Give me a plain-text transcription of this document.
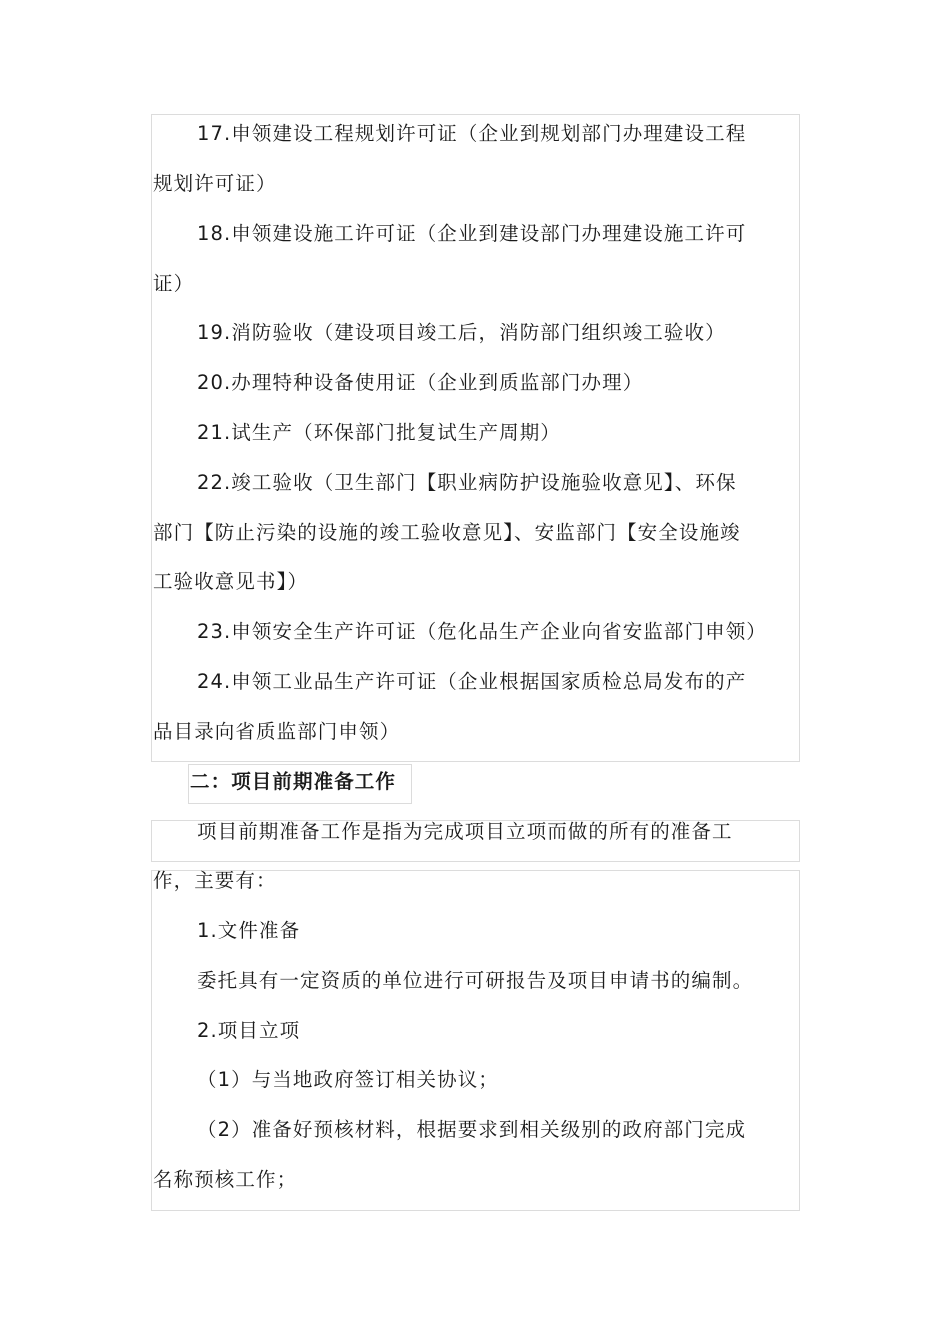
17.申领建设工程规划许可证（企业到规划部门办理建设工程

规划许可证）

18.申领建设施工许可证（企业到建设部门办理建设施工许可

证）

19.消防验收（建设项目竣工后，消防部门组织竣工验收）

20.办理特种设备使用证（企业到质监部门办理）

21.试生产（环保部门批复试生产周期）

22.竣工验收（卫生部门【职业病防护设施验收意见】、环保

部门【防止污染的设施的竣工验收意见】、安监部门【安全设施竣

工验收意见书】）

23.申领安全生产许可证（危化品生产企业向省安监部门申领）

24.申领工业品生产许可证（企业根据国家质检总局发布的产

品目录向省质监部门申领）

二：项目前期准备工作

项目前期准备工作是指为完成项目立项而做的所有的准备工

作，主要有：

1.文件准备

委托具有一定资质的单位进行可研报告及项目申请书的编制。

2.项目立项

（1）与当地政府签订相关协议；

（2）准备好预核材料，根据要求到相关级别的政府部门完成

名称预核工作；
